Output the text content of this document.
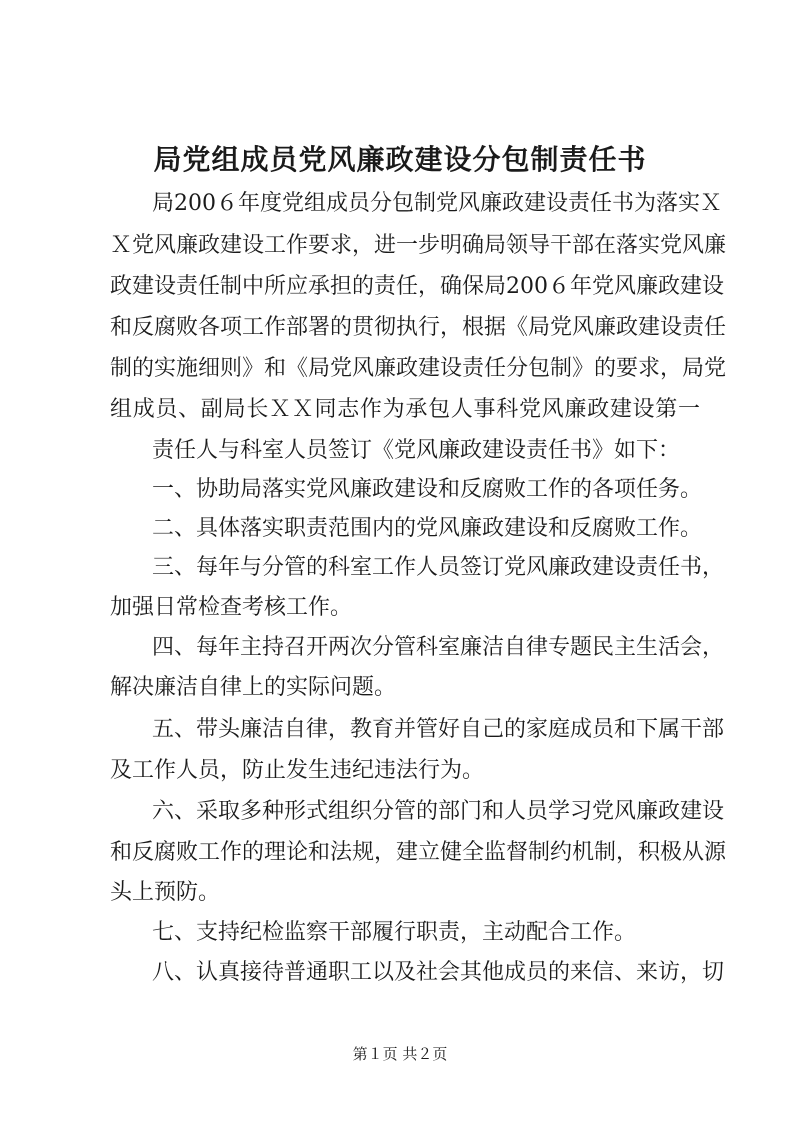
局党组成员党风廉政建设分包制责任书
局200６年度党组成员分包制党风廉政建设责任书为落实Ｘ
Ｘ党风廉政建设工作要求，进一步明确局领导干部在落实党风廉
政建设责任制中所应承担的责任，确保局200６年党风廉政建设
和反腐败各项工作部署的贯彻执行，根据《局党风廉政建设责任
制的实施细则》和《局党风廉政建设责任分包制》的要求，局党
组成员、副局长ＸＸ同志作为承包人事科党风廉政建设第一
责任人与科室人员签订《党风廉政建设责任书》如下：
一、协助局落实党风廉政建设和反腐败工作的各项任务。
二、具体落实职责范围内的党风廉政建设和反腐败工作。
三、每年与分管的科室工作人员签订党风廉政建设责任书，
加强日常检查考核工作。
四、每年主持召开两次分管科室廉洁自律专题民主生活会，
解决廉洁自律上的实际问题。
五、带头廉洁自律，教育并管好自己的家庭成员和下属干部
及工作人员，防止发生违纪违法行为。
六、采取多种形式组织分管的部门和人员学习党风廉政建设
和反腐败工作的理论和法规，建立健全监督制约机制，积极从源
头上预防。
七、支持纪检监察干部履行职责，主动配合工作。
八、认真接待普通职工以及社会其他成员的来信、来访，切
第１页 共２页
